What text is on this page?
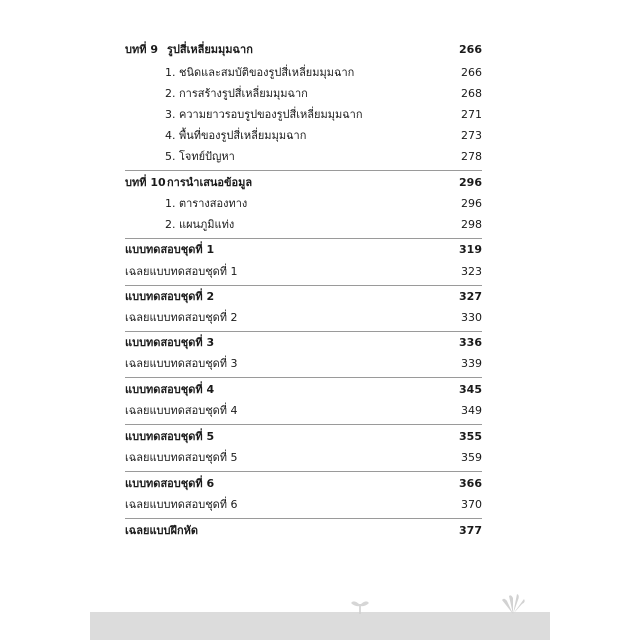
บทที่ 9 รูปสี่เหลี่ยมมุมฉาก	266
1. ชนิดและสมบัติของรูปสี่เหลี่ยมมุมฉาก	266
2. การสร้างรูปสี่เหลี่ยมมุมฉาก	268
3. ความยาวรอบรูปของรูปสี่เหลี่ยมมุมฉาก	271
4. พื้นที่ของรูปสี่เหลี่ยมมุมฉาก	273
5. โจทย์ปัญหา	278
บทที่ 10การนำเสนอข้อมูล	296
1. ตารางสองทาง	296
2. แผนภูมิแท่ง	298
แบบทดสอบชุดที่ 1	319
เฉลยแบบทดสอบชุดที่ 1	323
แบบทดสอบชุดที่ 2	327
เฉลยแบบทดสอบชุดที่ 2	330
แบบทดสอบชุดที่ 3	336
เฉลยแบบทดสอบชุดที่ 3	339
แบบทดสอบชุดที่ 4	345
เฉลยแบบทดสอบชุดที่ 4	349
แบบทดสอบชุดที่ 5	355
เฉลยแบบทดสอบชุดที่ 5	359
แบบทดสอบชุดที่ 6	366
เฉลยแบบทดสอบชุดที่ 6	370
เฉลยแบบฝึกหัด	377
